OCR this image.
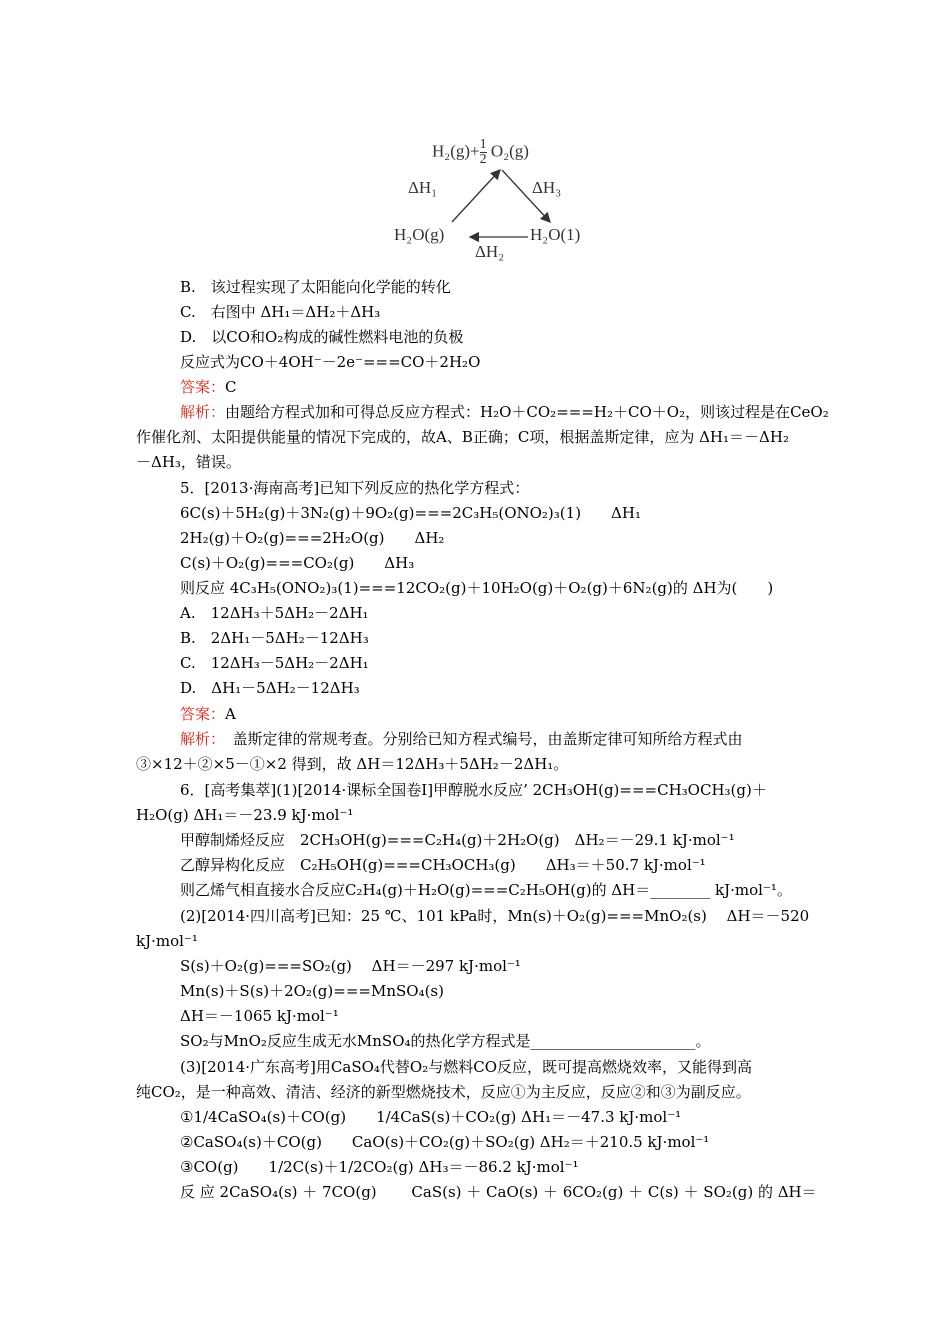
$H_2(g)+ \frac{1}{2} O_2(g)$
ΔH₁	ΔH₃
H₂O(g)	H₂O(1)
ΔH₂
B.　该过程实现了太阳能向化学能的转化
C.　右图中 ΔH₁＝ΔH₂＋ΔH₃
D.　以CO和O₂构成的碱性燃料电池的负极
反应式为CO＋4OH⁻－2e⁻===CO＋2H₂O
答案：C
解析：由题给方程式加和可得总反应方程式：H₂O＋CO₂===H₂＋CO＋O₂，则该过程是在CeO₂
作催化剂、太阳提供能量的情况下完成的，故A、B正确；C项，根据盖斯定律，应为 ΔH₁＝－ΔH₂
－ΔH₃，错误。
5．[2013·海南高考]已知下列反应的热化学方程式：
6C(s)＋5H₂(g)＋3N₂(g)＋9O₂(g)===2C₃H₅(ONO₂)₃(1)　　ΔH₁
2H₂(g)＋O₂(g)===2H₂O(g)　　ΔH₂
C(s)＋O₂(g)===CO₂(g)　　ΔH₃
则反应 4C₃H₅(ONO₂)₃(1)===12CO₂(g)＋10H₂O(g)＋O₂(g)＋6N₂(g)的 ΔH为(　　)
A.　12ΔH₃＋5ΔH₂－2ΔH₁
B.　2ΔH₁－5ΔH₂－12ΔH₃
C.　12ΔH₃－5ΔH₂－2ΔH₁
D.　ΔH₁－5ΔH₂－12ΔH₃
答案：A
解析：　盖斯定律的常规考查。分别给已知方程式编号，由盖斯定律可知所给方程式由
③×12＋②×5－①×2 得到，故 ΔH＝12ΔH₃＋5ΔH₂－2ΔH₁。
6．[高考集萃](1)[2014·课标全国卷Ⅰ]甲醇脱水反应’ 2CH₃OH(g)===CH₃OCH₃(g)＋
H₂O(g) ΔH₁＝－23.9 kJ·mol⁻¹
甲醇制烯烃反应　2CH₃OH(g)===C₂H₄(g)＋2H₂O(g)　ΔH₂＝－29.1 kJ·mol⁻¹
乙醇异构化反应　C₂H₅OH(g)===CH₃OCH₃(g)　　ΔH₃＝＋50.7 kJ·mol⁻¹
则乙烯气相直接水合反应C₂H₄(g)＋H₂O(g)===C₂H₅OH(g)的 ΔH＝________ kJ·mol⁻¹。
(2)[2014·四川高考]已知：25 ℃、101 kPa时，Mn(s)＋O₂(g)===MnO₂(s)　 ΔH＝－520
kJ·mol⁻¹
S(s)＋O₂(g)===SO₂(g)　 ΔH＝－297 kJ·mol⁻¹
Mn(s)＋S(s)＋2O₂(g)===MnSO₄(s)
ΔH＝－1065 kJ·mol⁻¹
SO₂与MnO₂反应生成无水MnSO₄的热化学方程式是______________________。
(3)[2014·广东高考]用CaSO₄代替O₂与燃料CO反应，既可提高燃烧效率，又能得到高
纯CO₂，是一种高效、清洁、经济的新型燃烧技术，反应①为主反应，反应②和③为副反应。
①1/4CaSO₄(s)＋CO(g)　　1/4CaS(s)＋CO₂(g) ΔH₁＝－47.3 kJ·mol⁻¹
②CaSO₄(s)＋CO(g)　　CaO(s)＋CO₂(g)＋SO₂(g) ΔH₂＝＋210.5 kJ·mol⁻¹
③CO(g)　　1/2C(s)＋1/2CO₂(g) ΔH₃＝－86.2 kJ·mol⁻¹
反 应 2CaSO₄(s) ＋ 7CO(g)　　 CaS(s) ＋ CaO(s) ＋ 6CO₂(g) ＋ C(s) ＋ SO₂(g) 的 ΔH＝
